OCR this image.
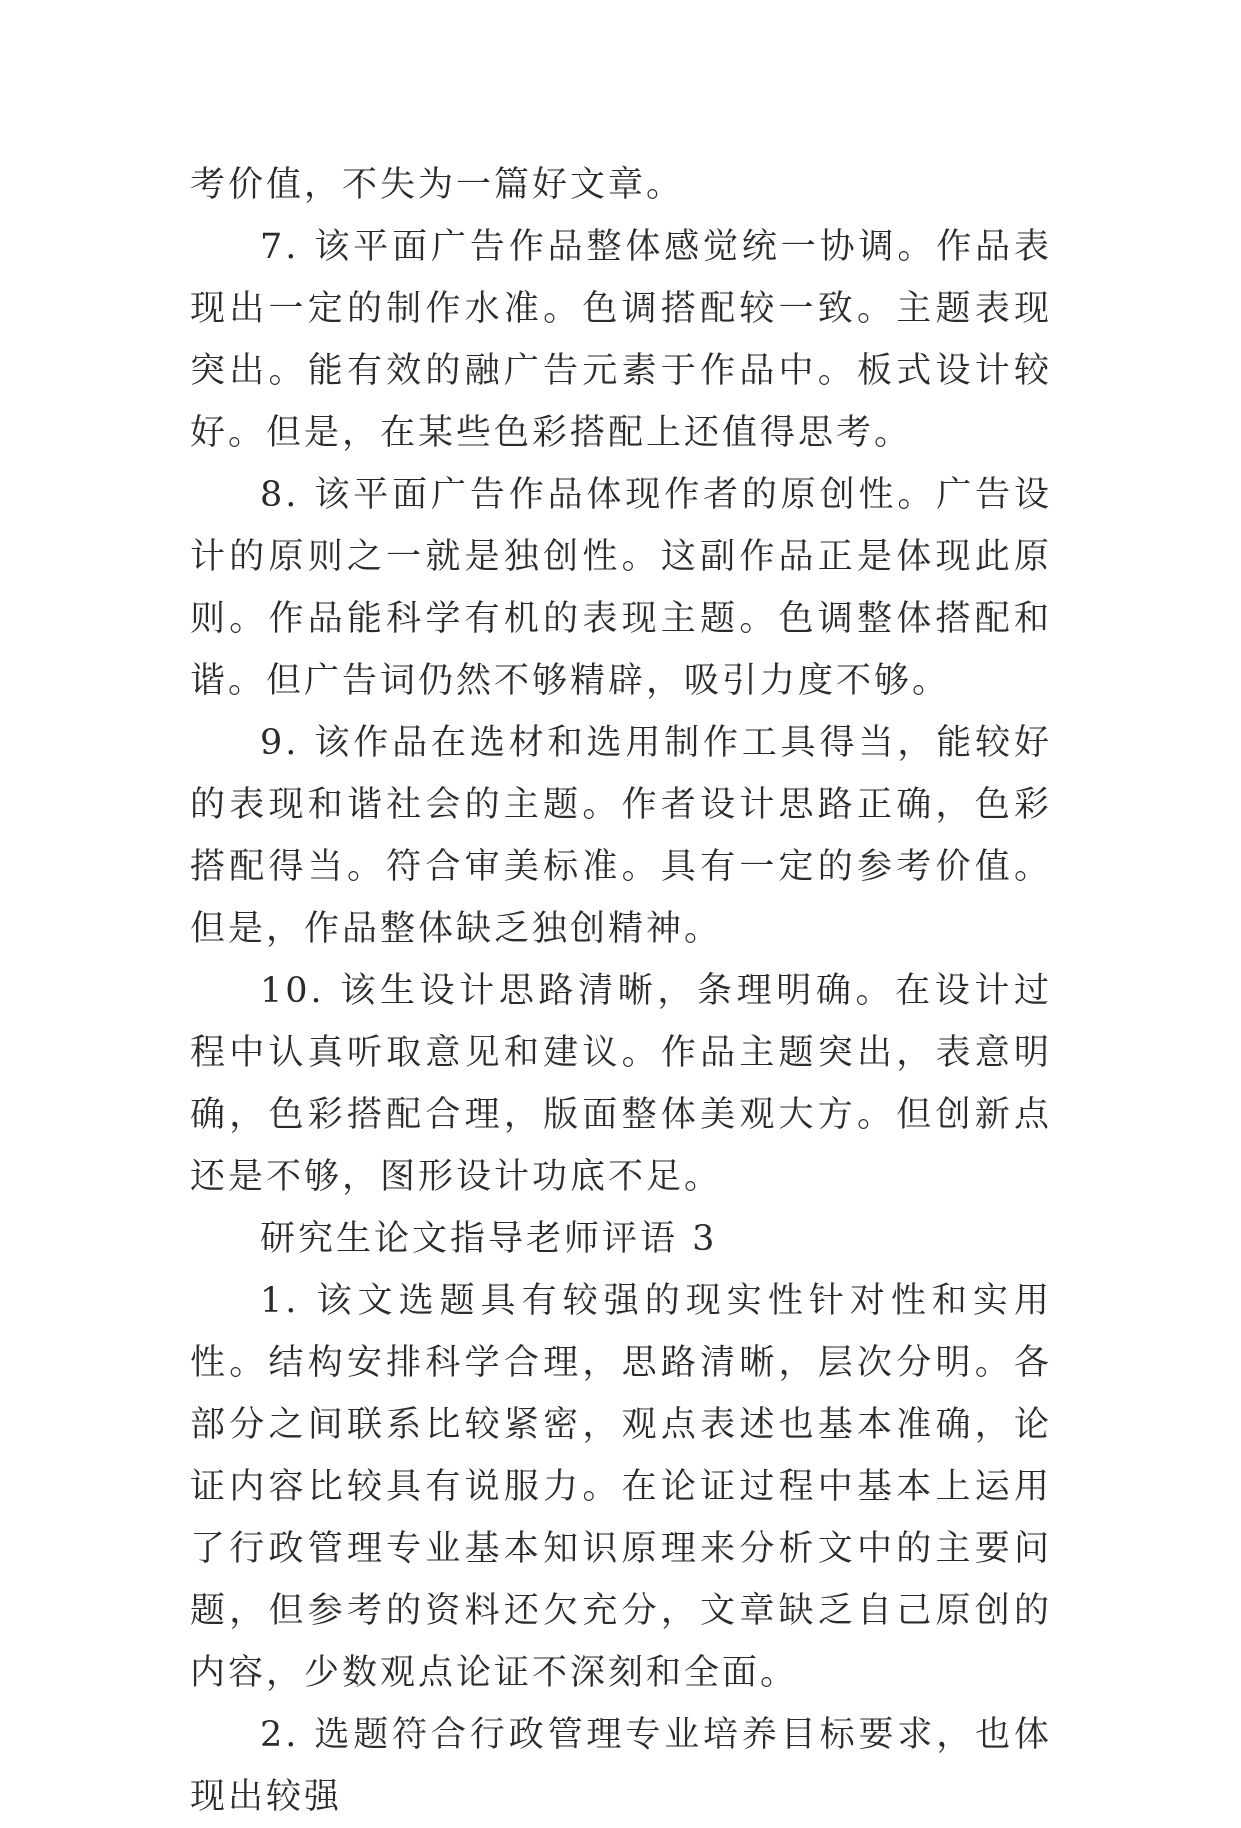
考价值，不失为一篇好文章。

7. 该平面广告作品整体感觉统一协调。作品表现出一定的制作水准。色调搭配较一致。主题表现突出。能有效的融广告元素于作品中。板式设计较好。但是，在某些色彩搭配上还值得思考。

8. 该平面广告作品体现作者的原创性。广告设计的原则之一就是独创性。这副作品正是体现此原则。作品能科学有机的表现主题。色调整体搭配和谐。但广告词仍然不够精辟，吸引力度不够。

9. 该作品在选材和选用制作工具得当，能较好的表现和谐社会的主题。作者设计思路正确，色彩搭配得当。符合审美标准。具有一定的参考价值。但是，作品整体缺乏独创精神。

10. 该生设计思路清晰，条理明确。在设计过程中认真听取意见和建议。作品主题突出，表意明确，色彩搭配合理，版面整体美观大方。但创新点还是不够，图形设计功底不足。

研究生论文指导老师评语 3

1. 该文选题具有较强的现实性针对性和实用性。结构安排科学合理，思路清晰，层次分明。各部分之间联系比较紧密，观点表述也基本准确，论证内容比较具有说服力。在论证过程中基本上运用了行政管理专业基本知识原理来分析文中的主要问题，但参考的资料还欠充分，文章缺乏自己原创的内容，少数观点论证不深刻和全面。

2. 选题符合行政管理专业培养目标要求，也体现出较强
